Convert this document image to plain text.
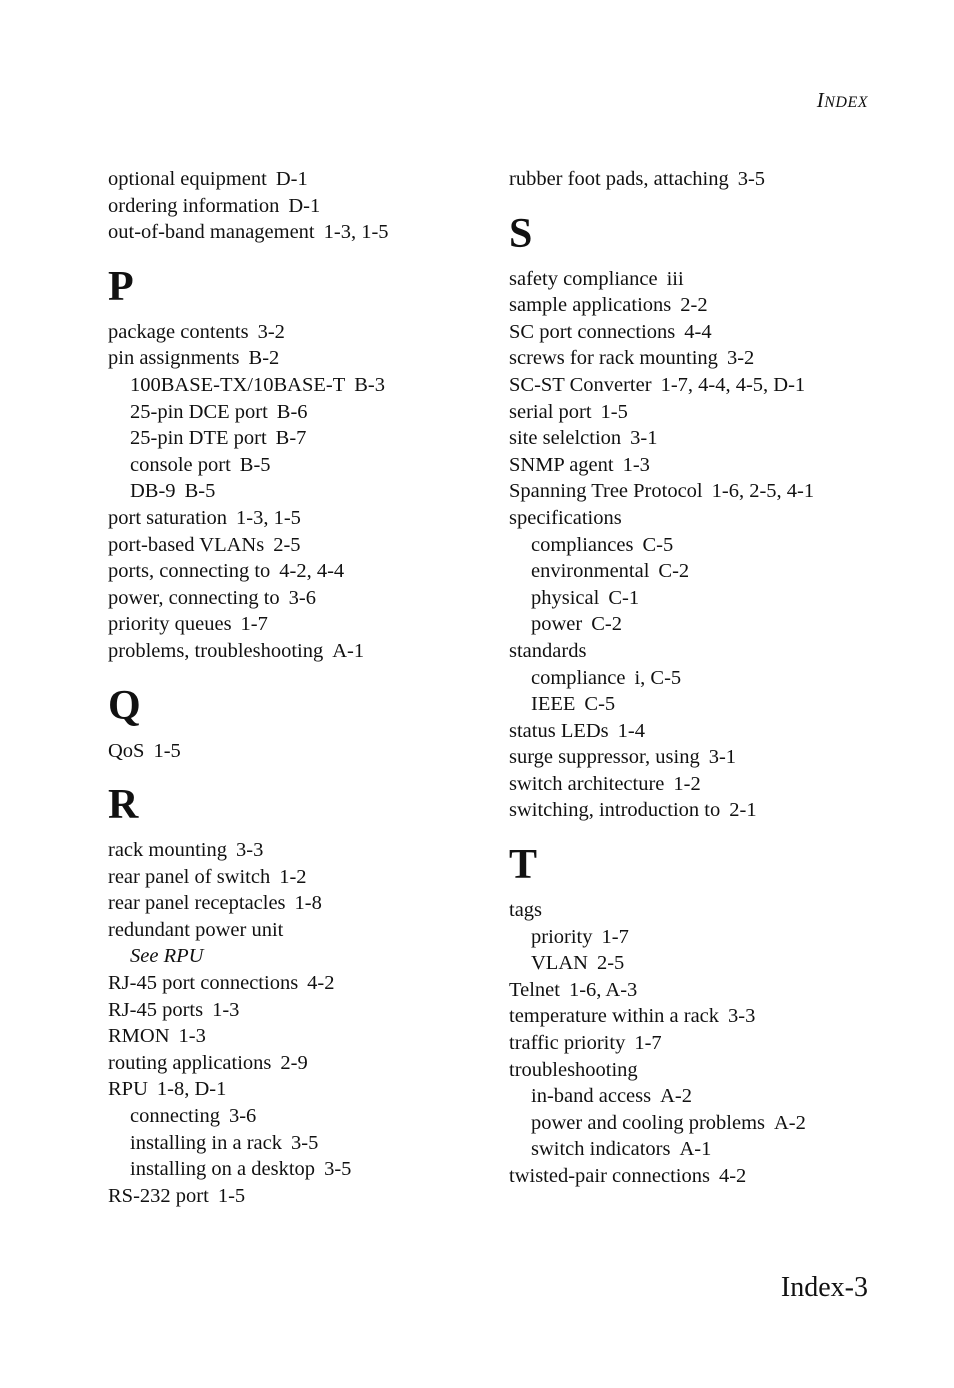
INDEX
optional equipment D-1
ordering information D-1
out-of-band management 1-3, 1-5
P
package contents 3-2
pin assignments B-2
100BASE-TX/10BASE-T B-3
25-pin DCE port B-6
25-pin DTE port B-7
console port B-5
DB-9 B-5
port saturation 1-3, 1-5
port-based VLANs 2-5
ports, connecting to 4-2, 4-4
power, connecting to 3-6
priority queues 1-7
problems, troubleshooting A-1
Q
QoS 1-5
R
rack mounting 3-3
rear panel of switch 1-2
rear panel receptacles 1-8
redundant power unit
See RPU
RJ-45 port connections 4-2
RJ-45 ports 1-3
RMON 1-3
routing applications 2-9
RPU 1-8, D-1
connecting 3-6
installing in a rack 3-5
installing on a desktop 3-5
RS-232 port 1-5
rubber foot pads, attaching 3-5
S
safety compliance iii
sample applications 2-2
SC port connections 4-4
screws for rack mounting 3-2
SC-ST Converter 1-7, 4-4, 4-5, D-1
serial port 1-5
site selelction 3-1
SNMP agent 1-3
Spanning Tree Protocol 1-6, 2-5, 4-1
specifications
compliances C-5
environmental C-2
physical C-1
power C-2
standards
compliance i, C-5
IEEE C-5
status LEDs 1-4
surge suppressor, using 3-1
switch architecture 1-2
switching, introduction to 2-1
T
tags
priority 1-7
VLAN 2-5
Telnet 1-6, A-3
temperature within a rack 3-3
traffic priority 1-7
troubleshooting
in-band access A-2
power and cooling problems A-2
switch indicators A-1
twisted-pair connections 4-2
Index-3
